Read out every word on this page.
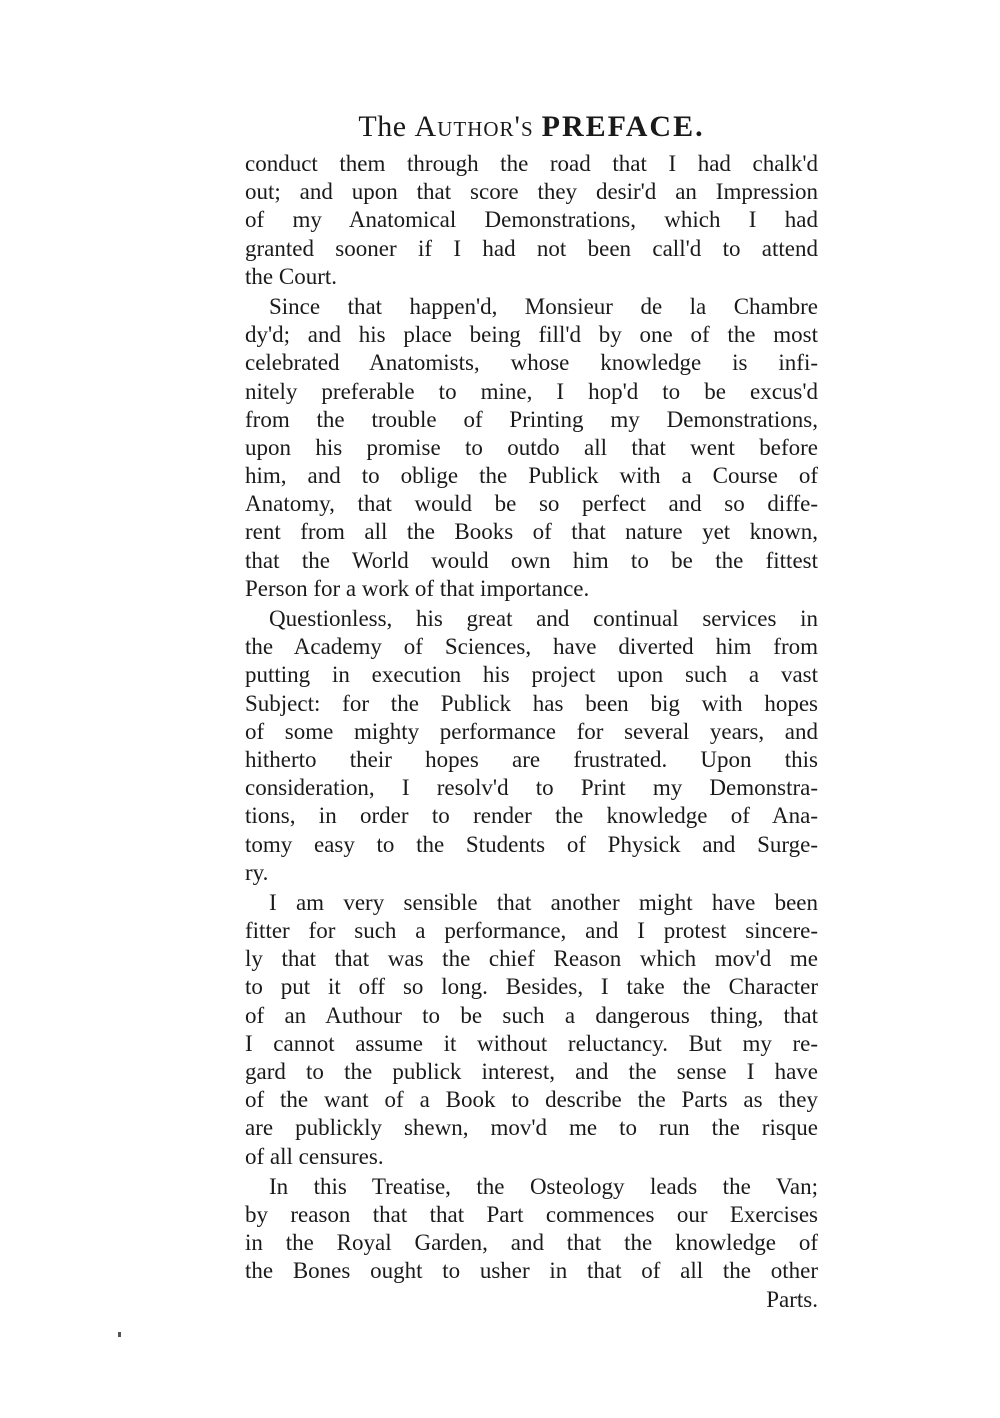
The Author's PREFACE.
conduct them through the road that I had chalk'd
out; and upon that score they desir'd an Impression
of my Anatomical Demonstrations, which I had
granted sooner if I had not been call'd to attend
the Court.
Since that happen'd, Monsieur de la Chambre
dy'd; and his place being fill'd by one of the most
celebrated Anatomists, whose knowledge is infi-
nitely preferable to mine, I hop'd to be excus'd
from the trouble of Printing my Demonstrations,
upon his promise to outdo all that went before
him, and to oblige the Publick with a Course of
Anatomy, that would be so perfect and so diffe-
rent from all the Books of that nature yet known,
that the World would own him to be the fittest
Person for a work of that importance.
Questionless, his great and continual services in
the Academy of Sciences, have diverted him from
putting in execution his project upon such a vast
Subject: for the Publick has been big with hopes
of some mighty performance for several years, and
hitherto their hopes are frustrated. Upon this
consideration, I resolv'd to Print my Demonstra-
tions, in order to render the knowledge of Ana-
tomy easy to the Students of Physick and Surge-
ry.
I am very sensible that another might have been
fitter for such a performance, and I protest sincere-
ly that that was the chief Reason which mov'd me
to put it off so long. Besides, I take the Character
of an Authour to be such a dangerous thing, that
I cannot assume it without reluctancy. But my re-
gard to the publick interest, and the sense I have
of the want of a Book to describe the Parts as they
are publickly shewn, mov'd me to run the risque
of all censures.
In this Treatise, the Osteology leads the Van;
by reason that that Part commences our Exercises
in the Royal Garden, and that the knowledge of
the Bones ought to usher in that of all the other
Parts.
